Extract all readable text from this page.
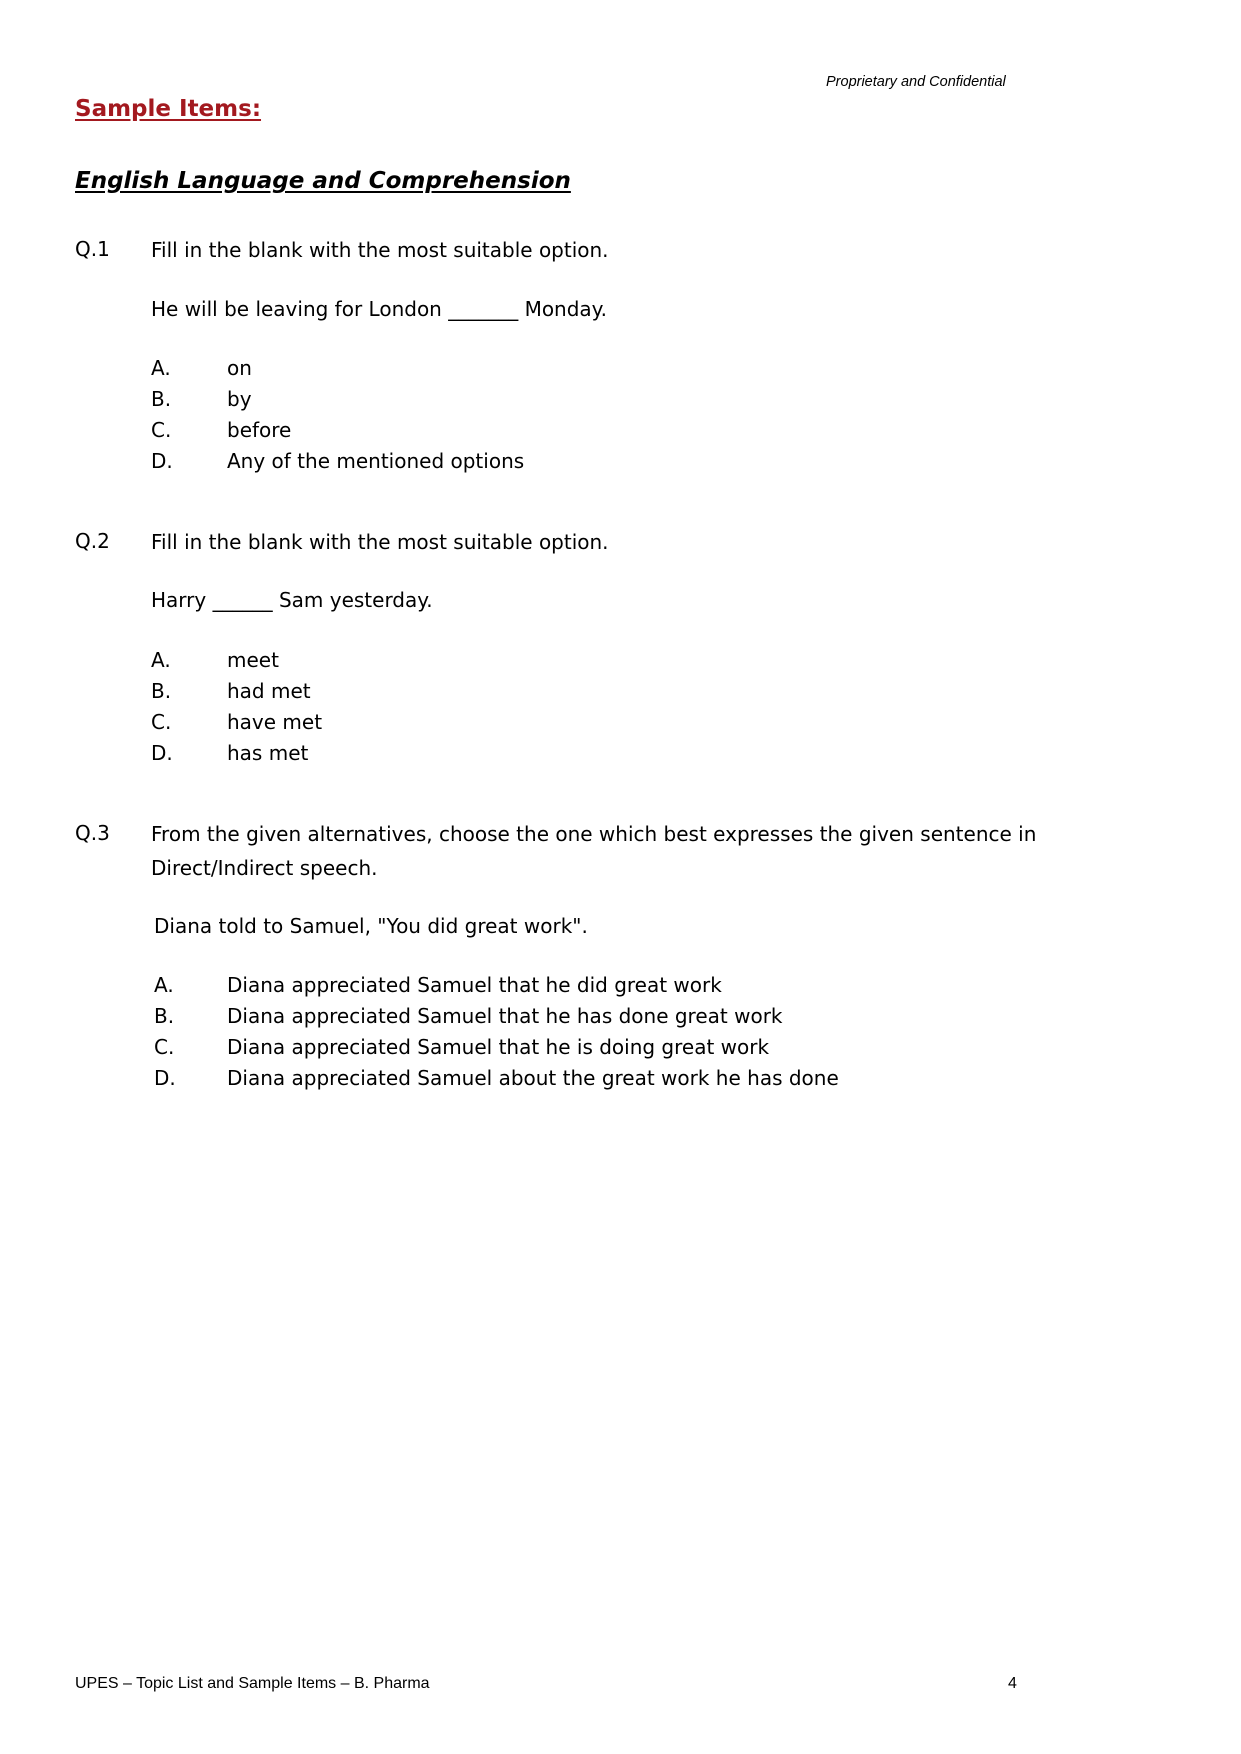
Proprietary and Confidential
Sample Items:
English Language and Comprehension
Q.1 Fill in the blank with the most suitable option.
He will be leaving for London _______ Monday.
A.	on
B.	by
C.	before
D.	Any of the mentioned options
Q.2 Fill in the blank with the most suitable option.
Harry ______ Sam yesterday.
A.	meet
B.	had met
C.	have met
D.	has met
Q.3 From the given alternatives, choose the one which best expresses the given sentence in Direct/Indirect speech.
Diana told to Samuel, "You did great work".
A.	Diana appreciated Samuel that he did great work
B.	Diana appreciated Samuel that he has done great work
C.	Diana appreciated Samuel that he is doing great work
D.	Diana appreciated Samuel about the great work he has done
UPES – Topic List and Sample Items – B. Pharma	4
